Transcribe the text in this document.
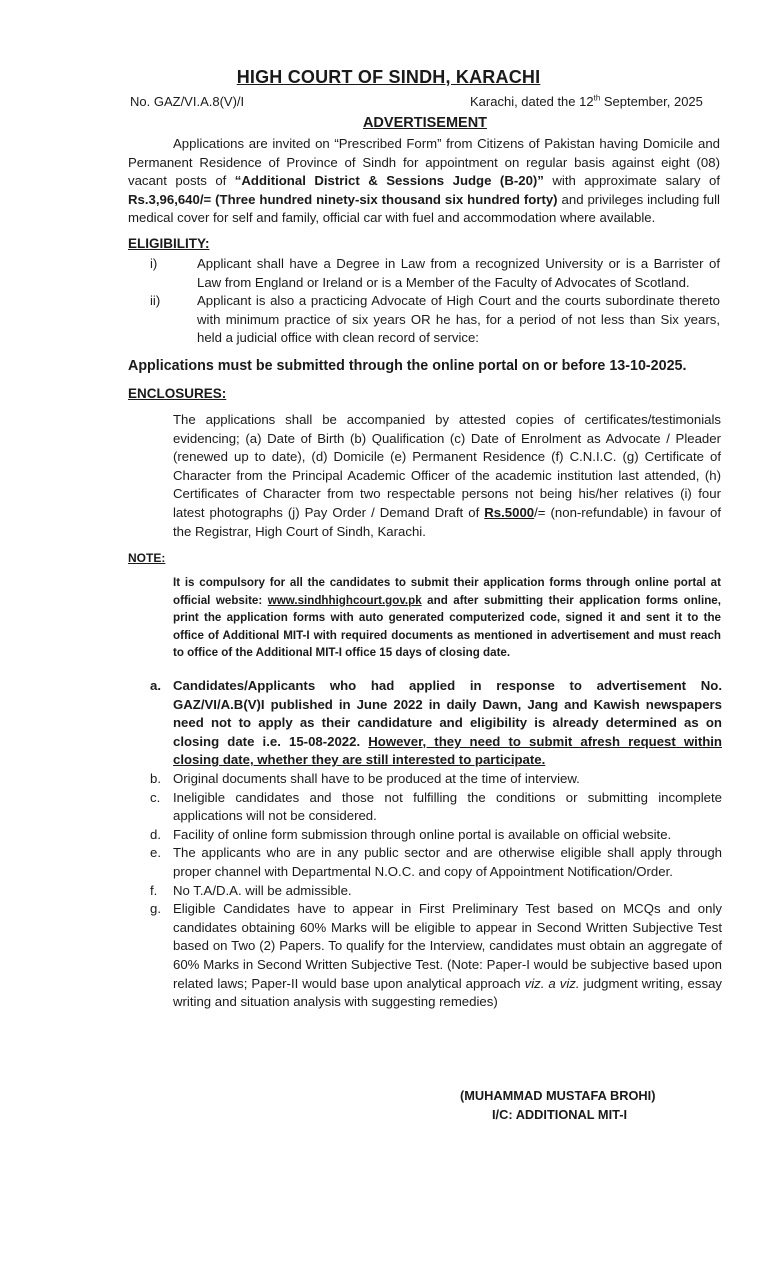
HIGH COURT OF SINDH, KARACHI
No. GAZ/VI.A.8(V)/I	Karachi, dated the 12th September, 2025
ADVERTISEMENT
Applications are invited on “Prescribed Form” from Citizens of Pakistan having Domicile and Permanent Residence of Province of Sindh for appointment on regular basis against eight (08) vacant posts of “Additional District & Sessions Judge (B-20)” with approximate salary of Rs.3,96,640/= (Three hundred ninety-six thousand six hundred forty) and privileges including full medical cover for self and family, official car with fuel and accommodation where available.
ELIGIBILITY:
i)	Applicant shall have a Degree in Law from a recognized University or is a Barrister of Law from England or Ireland or is a Member of the Faculty of Advocates of Scotland.
ii)	Applicant is also a practicing Advocate of High Court and the courts subordinate thereto with minimum practice of six years OR he has, for a period of not less than Six years, held a judicial office with clean record of service:
Applications must be submitted through the online portal on or before 13-10-2025.
ENCLOSURES:
The applications shall be accompanied by attested copies of certificates/testimonials evidencing; (a) Date of Birth (b) Qualification (c) Date of Enrolment as Advocate / Pleader (renewed up to date), (d) Domicile (e) Permanent Residence (f) C.N.I.C. (g) Certificate of Character from the Principal Academic Officer of the academic institution last attended, (h) Certificates of Character from two respectable persons not being his/her relatives (i) four latest photographs (j) Pay Order / Demand Draft of Rs.5000/= (non-refundable) in favour of the Registrar, High Court of Sindh, Karachi.
NOTE:
It is compulsory for all the candidates to submit their application forms through online portal at official website: www.sindhhighcourt.gov.pk and after submitting their application forms online, print the application forms with auto generated computerized code, signed it and sent it to the office of Additional MIT-I with required documents as mentioned in advertisement and must reach to office of the Additional MIT-I office 15 days of closing date.
a. Candidates/Applicants who had applied in response to advertisement No. GAZ/VI/A.B(V)I published in June 2022 in daily Dawn, Jang and Kawish newspapers need not to apply as their candidature and eligibility is already determined as on closing date i.e. 15-08-2022. However, they need to submit afresh request within closing date, whether they are still interested to participate.
b. Original documents shall have to be produced at the time of interview.
c. Ineligible candidates and those not fulfilling the conditions or submitting incomplete applications will not be considered.
d. Facility of online form submission through online portal is available on official website.
e. The applicants who are in any public sector and are otherwise eligible shall apply through proper channel with Departmental N.O.C. and copy of Appointment Notification/Order.
f. No T.A/D.A. will be admissible.
g. Eligible Candidates have to appear in First Preliminary Test based on MCQs and only candidates obtaining 60% Marks will be eligible to appear in Second Written Subjective Test based on Two (2) Papers. To qualify for the Interview, candidates must obtain an aggregate of 60% Marks in Second Written Subjective Test. (Note: Paper-I would be subjective based upon related laws; Paper-II would base upon analytical approach viz. a viz. judgment writing, essay writing and situation analysis with suggesting remedies)
(MUHAMMAD MUSTAFA BROHI)
I/C: ADDITIONAL MIT-I
